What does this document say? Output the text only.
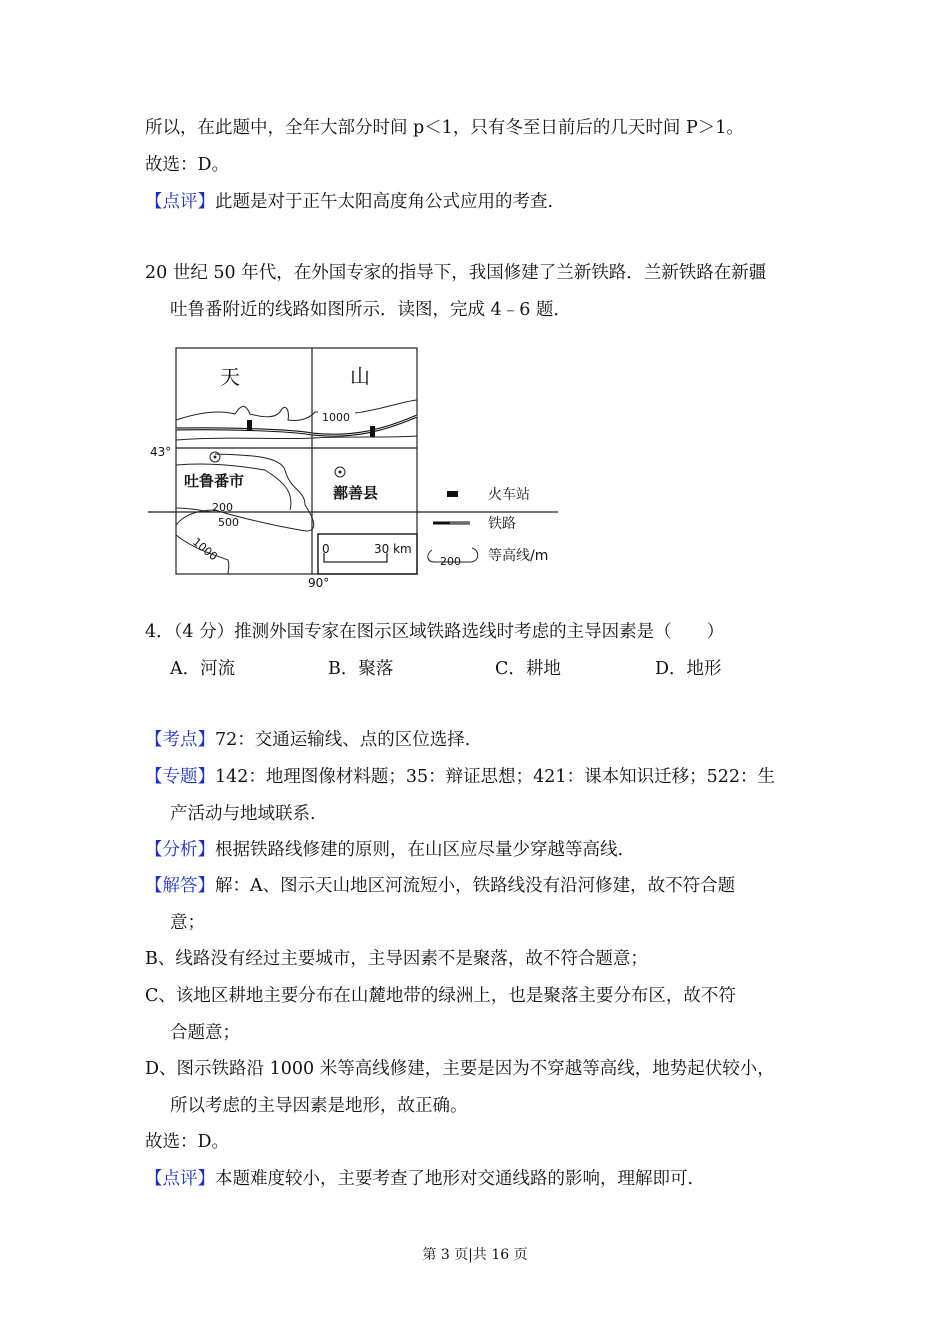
所以，在此题中，全年大部分时间 p＜1，只有冬至日前后的几天时间 P＞1。
故选：D。
【点评】此题是对于正午太阳高度角公式应用的考查.
20 世纪 50 年代，在外国专家的指导下，我国修建了兰新铁路．兰新铁路在新疆
吐鲁番附近的线路如图所示．读图，完成 4﹣6 题．
天	山
1000
43°
90°
吐鲁番市
鄯善县
200
500
1000	0	30 km
火车站
铁路
200 等高线/m
4．（4 分）推测外国专家在图示区域铁路选线时考虑的主导因素是（　　）
A．河流	B．聚落	C．耕地	D．地形
【考点】72：交通运输线、点的区位选择.
【专题】142：地理图像材料题；35：辩证思想；421：课本知识迁移；522：生
产活动与地域联系.
【分析】根据铁路线修建的原则，在山区应尽量少穿越等高线.
【解答】解：A、图示天山地区河流短小，铁路线没有沿河修建，故不符合题
意；
B、线路没有经过主要城市，主导因素不是聚落，故不符合题意；
C、该地区耕地主要分布在山麓地带的绿洲上，也是聚落主要分布区，故不符
合题意；
D、图示铁路沿 1000 米等高线修建，主要是因为不穿越等高线，地势起伏较小，
所以考虑的主导因素是地形，故正确。
故选：D。
【点评】本题难度较小，主要考查了地形对交通线路的影响，理解即可.
第 3 页|共 16 页
